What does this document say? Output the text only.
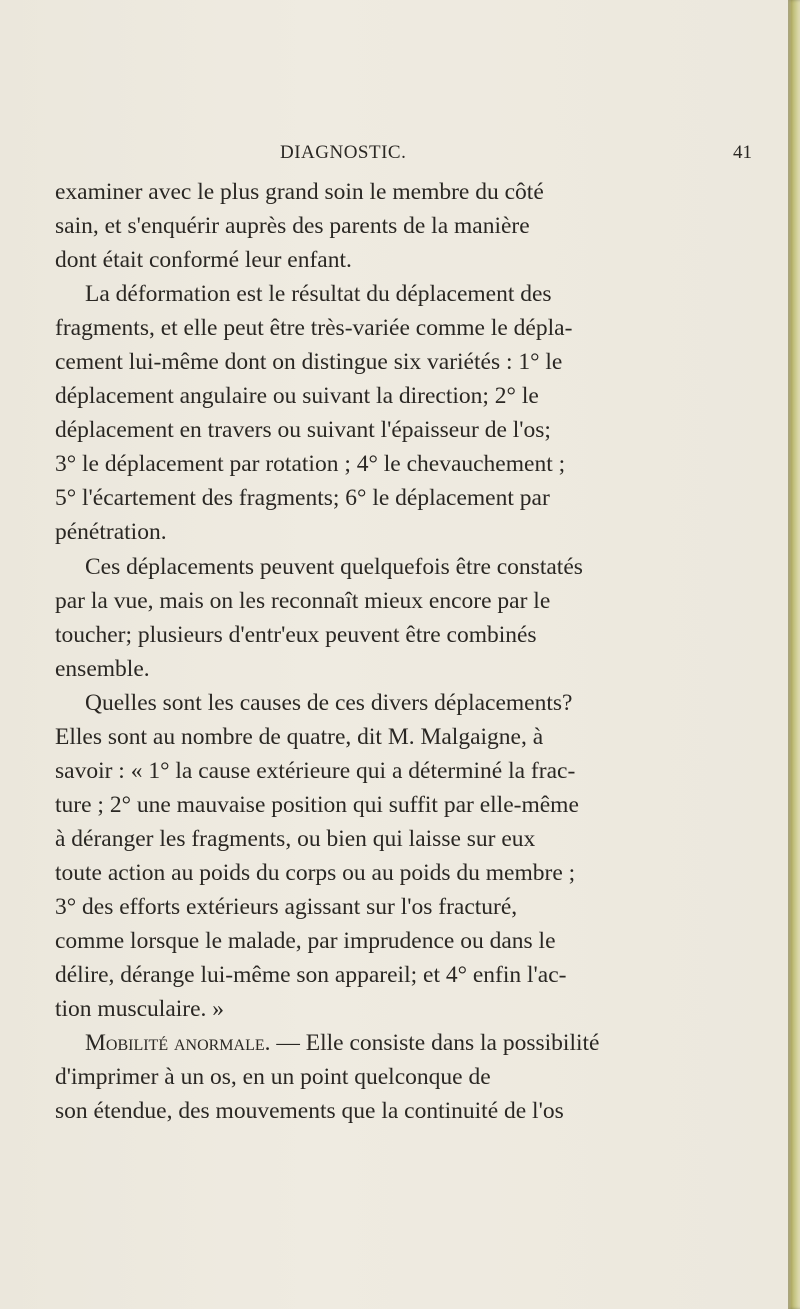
DIAGNOSTIC.	41
examiner avec le plus grand soin le membre du côté
sain, et s'enquérir auprès des parents de la manière
dont était conformé leur enfant.
La déformation est le résultat du déplacement des
fragments, et elle peut être très-variée comme le dépla-
cement lui-même dont on distingue six variétés : 1° le
déplacement angulaire ou suivant la direction; 2° le
déplacement en travers ou suivant l'épaisseur de l'os;
3° le déplacement par rotation ; 4° le chevauchement ;
5° l'écartement des fragments; 6° le déplacement par
pénétration.
Ces déplacements peuvent quelquefois être constatés
par la vue, mais on les reconnaît mieux encore par le
toucher; plusieurs d'entr'eux peuvent être combinés
ensemble.
Quelles sont les causes de ces divers déplacements?
Elles sont au nombre de quatre, dit M. Malgaigne, à
savoir : « 1° la cause extérieure qui a déterminé la frac-
ture ; 2° une mauvaise position qui suffit par elle-même
à déranger les fragments, ou bien qui laisse sur eux
toute action au poids du corps ou au poids du membre ;
3° des efforts extérieurs agissant sur l'os fracturé,
comme lorsque le malade, par imprudence ou dans le
délire, dérange lui-même son appareil; et 4° enfin l'ac-
tion musculaire. »
Mobilité anormale. — Elle consiste dans la possibilité
d'imprimer à un os, en un point quelconque de
son étendue, des mouvements que la continuité de l'os
